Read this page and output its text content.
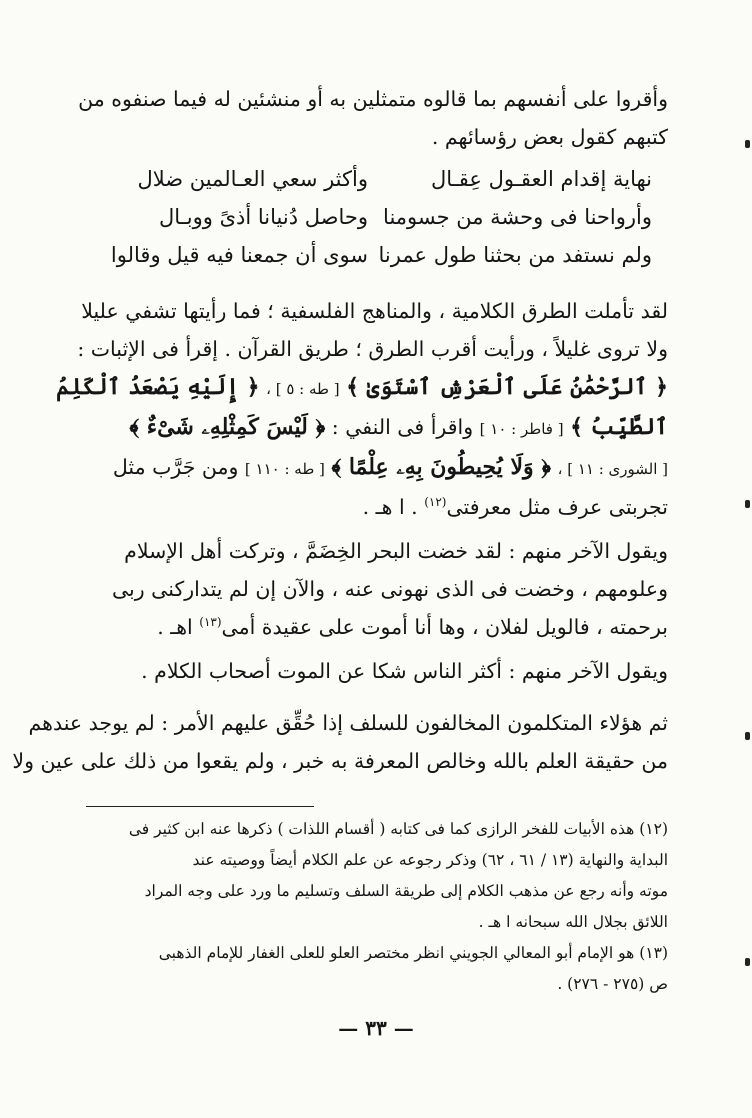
وأقروا على أنفسهم بما قالوه متمثلين به أو منشئين له فيما صنفوه من
كتبهم كقول بعض رؤسائهم .
نهاية إقدام العقـول عِقـال
وأكثر سعي العـالمين ضلال
وأرواحنا فى وحشة من جسومنا
وحاصل دُنيانا أذىً ووبـال
ولم نستفد من بحثنا طول عمرنا
سوى أن جمعنا فيه قيل وقالوا
لقد تأملت الطرق الكلامية ، والمناهج الفلسفية ؛ فما رأيتها تشفي عليلا
ولا تروى غليلاً ، ورأيت أقرب الطرق ؛ طريق القرآن . إقرأ فى الإثبات :
﴿ ٱلرَّحْمَٰنُ عَلَى ٱلْعَرْشِ ٱسْتَوَىٰ ﴾ [ طه : ٥ ] ، ﴿ إِلَيْهِ يَصْعَدُ ٱلْكَلِمُ
ٱلطَّيِّبُ ﴾ [ فاطر : ١٠ ] واقرأ فى النفي : ﴿ لَيْسَ كَمِثْلِهِۦ شَىْءٌ ﴾
[ الشورى : ١١ ] ، ﴿ وَلَا يُحِيطُونَ بِهِۦ عِلْمًا ﴾ [ طه : ١١٠ ] ومن جَرَّب مثل
تجربتى عرف مثل معرفتى$^{(١٢)}$ . ا هـ .
ويقول الآخر منهم : لقد خضت البحر الخِضَمَّ ، وتركت أهل الإسلام
وعلومهم ، وخضت فى الذى نهونى عنه ، والآن إن لم يتداركنى ربى
برحمته ، فالويل لفلان ، وها أنا أموت على عقيدة أمى$^{(١٣)}$ اهـ .
ويقول الآخر منهم : أكثر الناس شكا عن الموت أصحاب الكلام .
ثم هؤلاء المتكلمون المخالفون للسلف إذا حُقِّق عليهم الأمر : لم يوجد عندهم
من حقيقة العلم بالله وخالص المعرفة به خبر ، ولم يقعوا من ذلك على عين ولا
(١٢) هذه الأبيات للفخر الرازى كما فى كتابه ( أقسام اللذات ) ذكرها عنه ابن كثير فى
البداية والنهاية (١٣ / ٦١ ، ٦٢) وذكر رجوعه عن علم الكلام أيضاً ووصيته عند
موته وأنه رجع عن مذهب الكلام إلى طريقة السلف وتسليم ما ورد على وجه المراد
اللائق بجلال الله سبحانه ا هـ .
(١٣) هو الإمام أبو المعالي الجويني انظر مختصر العلو للعلى الغفار للإمام الذهبى
ص (٢٧٥ - ٢٧٦) .
— ٣٣ —
